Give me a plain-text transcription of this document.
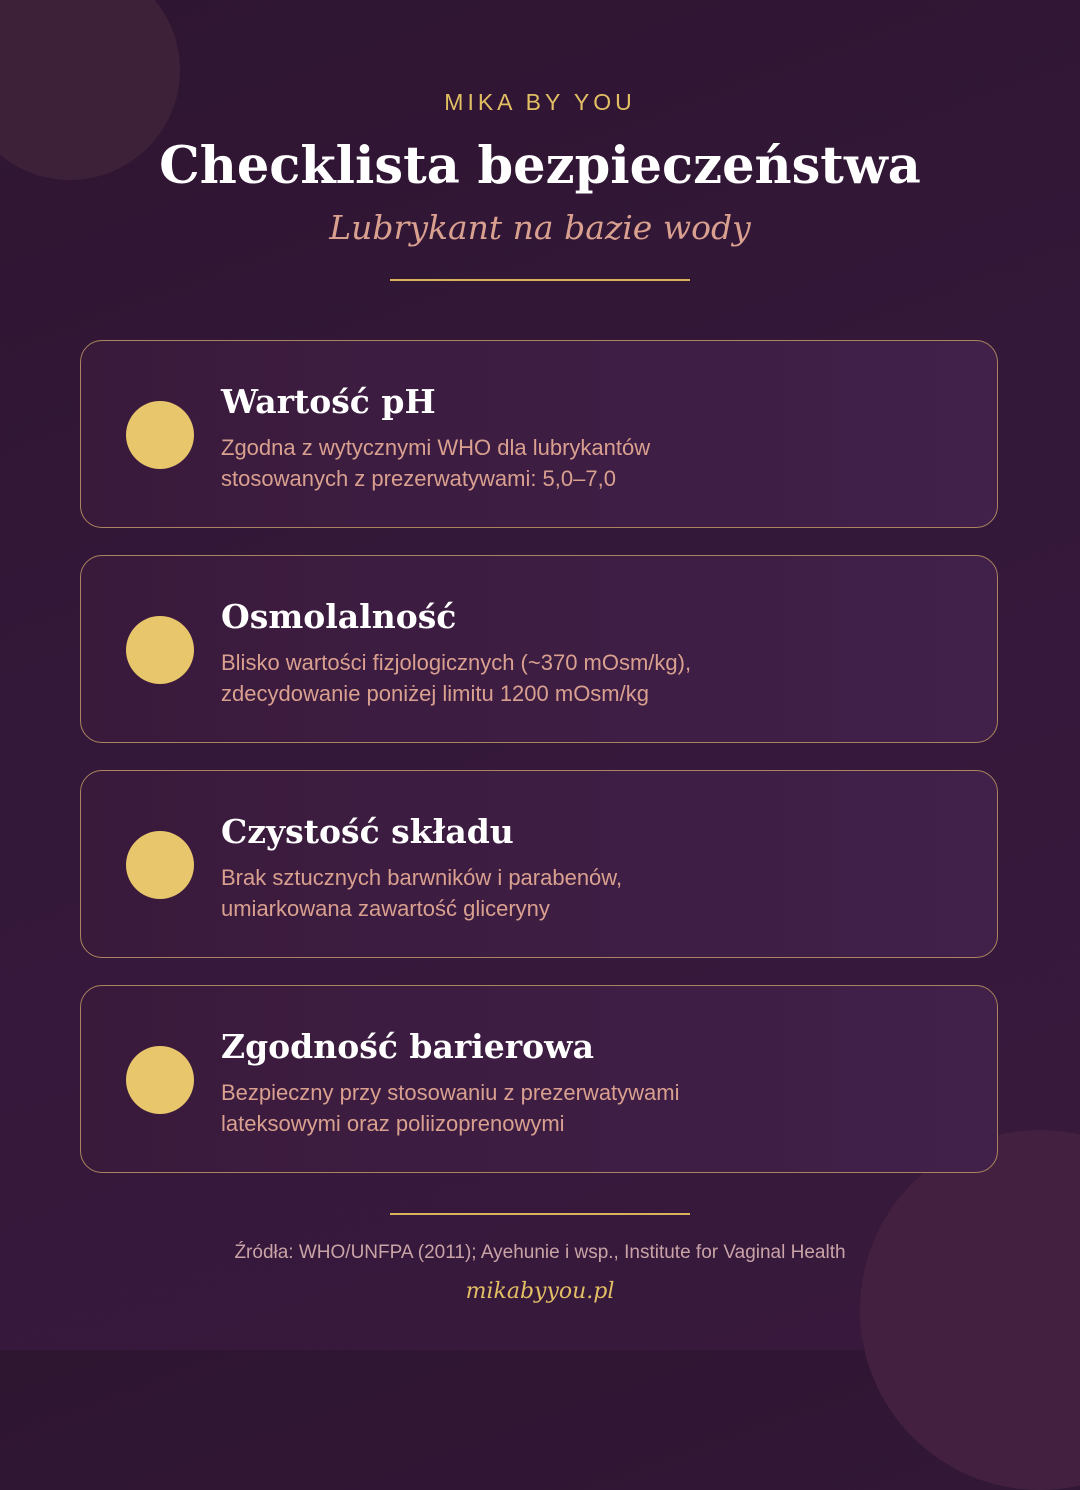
MIKA BY YOU
Checklista bezpieczeństwa
Lubrykant na bazie wody
Wartość pH
Zgodna z wytycznymi WHO dla lubrykantów
stosowanych z prezerwatywami: 5,0–7,0
Osmolalność
Blisko wartości fizjologicznych (~370 mOsm/kg),
zdecydowanie poniżej limitu 1200 mOsm/kg
Czystość składu
Brak sztucznych barwników i parabenów,
umiarkowana zawartość gliceryny
Zgodność barierowa
Bezpieczny przy stosowaniu z prezerwatywami
lateksowymi oraz poliizoprenowymi
Źródła: WHO/UNFPA (2011); Ayehunie i wsp., Institute for Vaginal Health
mikabyyou.pl
